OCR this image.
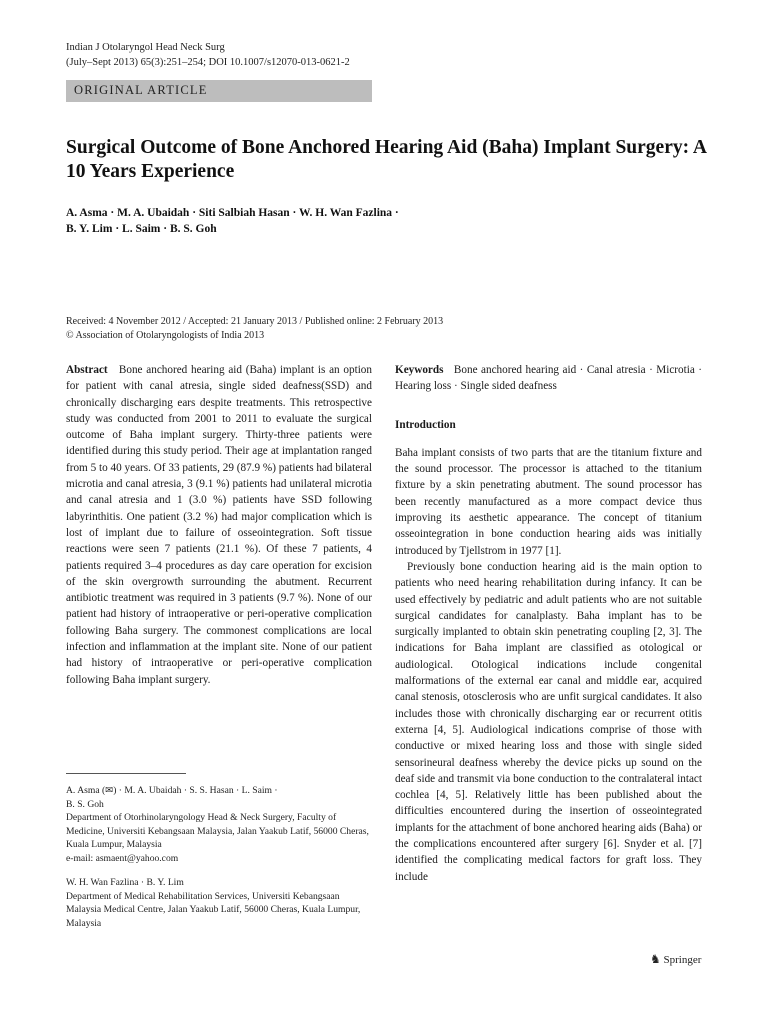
Indian J Otolaryngol Head Neck Surg
(July–Sept 2013) 65(3):251–254; DOI 10.1007/s12070-013-0621-2
ORIGINAL ARTICLE
Surgical Outcome of Bone Anchored Hearing Aid (Baha) Implant Surgery: A 10 Years Experience
A. Asma · M. A. Ubaidah · Siti Salbiah Hasan · W. H. Wan Fazlina ·
B. Y. Lim · L. Saim · B. S. Goh
Received: 4 November 2012 / Accepted: 21 January 2013 / Published online: 2 February 2013
© Association of Otolaryngologists of India 2013

Abstract Bone anchored hearing aid (Baha) implant is an option for patient with canal atresia, single sided deafness(SSD) and chronically discharging ears despite treatments. This retrospective study was conducted from 2001 to 2011 to evaluate the surgical outcome of Baha implant surgery. Thirty-three patients were identified during this study period. Their age at implantation ranged from 5 to 40 years. Of 33 patients, 29 (87.9 %) patients had bilateral microtia and canal atresia, 3 (9.1 %) patients had unilateral microtia and canal atresia and 1 (3.0 %) patients have SSD following labyrinthitis. One patient (3.2 %) had major complication which is lost of implant due to failure of osseointegration. Soft tissue reactions were seen 7 patients (21.1 %). Of these 7 patients, 4 patients required 3–4 procedures as day care operation for excision of the skin overgrowth surrounding the abutment. Recurrent antibiotic treatment was required in 3 patients (9.7 %). None of our patient had history of intraoperative or peri-operative complication following Baha surgery. The commonest complications are local infection and inflammation at the implant site. None of our patient had history of intraoperative or peri-operative complication following Baha implant surgery.

A. Asma (✉) · M. A. Ubaidah · S. S. Hasan · L. Saim ·

B. S. Goh

Department of Otorhinolaryngology Head & Neck Surgery, Faculty of Medicine, Universiti Kebangsaan Malaysia, Jalan Yaakub Latif, 56000 Cheras, Kuala Lumpur, Malaysia

e-mail: asmaent@yahoo.com

W. H. Wan Fazlina · B. Y. Lim

Department of Medical Rehabilitation Services, Universiti Kebangsaan Malaysia Medical Centre, Jalan Yaakub Latif, 56000 Cheras, Kuala Lumpur, Malaysia

Keywords Bone anchored hearing aid · Canal atresia · Microtia · Hearing loss · Single sided deafness

Introduction

Baha implant consists of two parts that are the titanium fixture and the sound processor. The processor is attached to the titanium fixture by a skin penetrating abutment. The sound processor has been recently manufactured as a more compact device thus improving its aesthetic appearance. The concept of titanium osseointegration in bone conduction hearing aids was initially introduced by Tjellstrom in 1977 [1].

Previously bone conduction hearing aid is the main option to patients who need hearing rehabilitation during infancy. It can be used effectively by pediatric and adult patients who are not suitable surgical candidates for canalplasty. Baha implant has to be surgically implanted to obtain skin penetrating coupling [2, 3]. The indications for Baha implant are classified as otological or audiological. Otological indications include congenital malformations of the external ear canal and middle ear, acquired canal stenosis, otosclerosis who are unfit surgical candidates. It also includes those with chronically discharging ear or recurrent otitis externa [4, 5]. Audiological indications comprise of those with conductive or mixed hearing loss and those with single sided sensorineural deafness whereby the device picks up sound on the deaf side and transmit via bone conduction to the contralateral intact cochlea [4, 5]. Relatively little has been published about the difficulties encountered during the insertion of osseointegrated implants for the attachment of bone anchored hearing aids (Baha) or the complications encountered after surgery [6]. Snyder et al. [7] identified the complicating medical factors for graft loss. They include

♞ Springer
